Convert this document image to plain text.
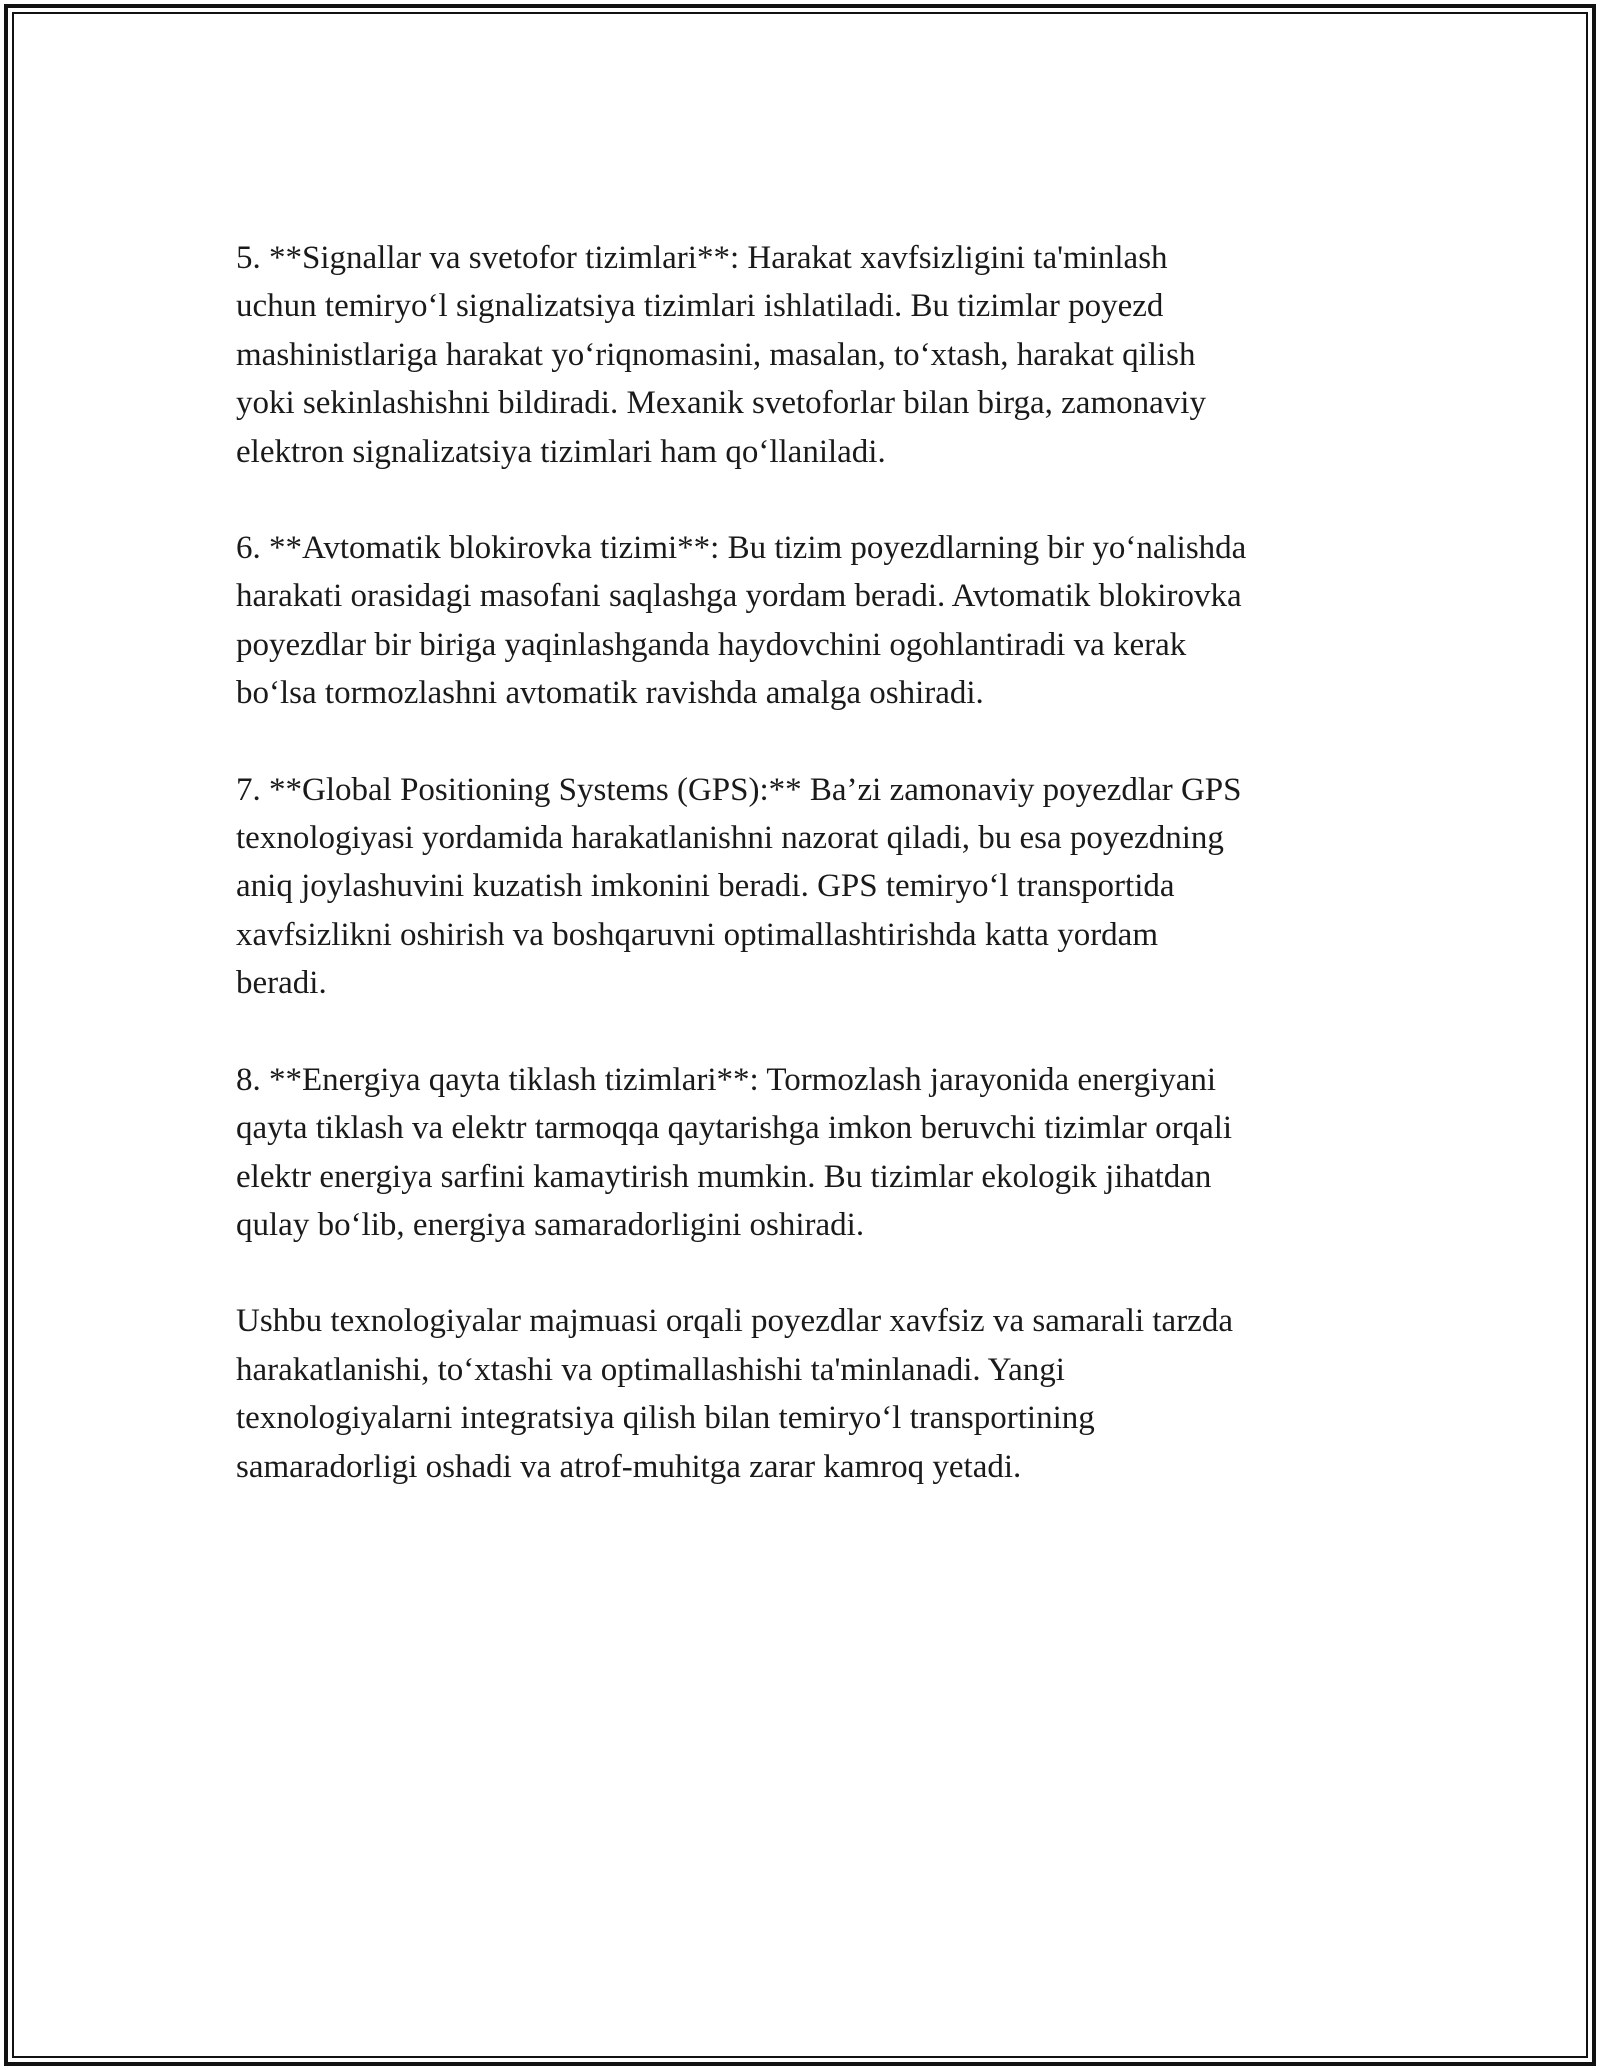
5. **Signallar va svetofor tizimlari**: Harakat xavfsizligini ta'minlash
uchun temiryo‘l signalizatsiya tizimlari ishlatiladi. Bu tizimlar poyezd
mashinistlariga harakat yo‘riqnomasini, masalan, to‘xtash, harakat qilish
yoki sekinlashishni bildiradi. Mexanik svetoforlar bilan birga, zamonaviy
elektron signalizatsiya tizimlari ham qo‘llaniladi.

6. **Avtomatik blokirovka tizimi**: Bu tizim poyezdlarning bir yo‘nalishda
harakati orasidagi masofani saqlashga yordam beradi. Avtomatik blokirovka
poyezdlar bir biriga yaqinlashganda haydovchini ogohlantiradi va kerak
bo‘lsa tormozlashni avtomatik ravishda amalga oshiradi.

7. **Global Positioning Systems (GPS):** Ba’zi zamonaviy poyezdlar GPS
texnologiyasi yordamida harakatlanishni nazorat qiladi, bu esa poyezdning
aniq joylashuvini kuzatish imkonini beradi. GPS temiryo‘l transportida
xavfsizlikni oshirish va boshqaruvni optimallashtirishda katta yordam
beradi.

8. **Energiya qayta tiklash tizimlari**: Tormozlash jarayonida energiyani
qayta tiklash va elektr tarmoqqa qaytarishga imkon beruvchi tizimlar orqali
elektr energiya sarfini kamaytirish mumkin. Bu tizimlar ekologik jihatdan
qulay bo‘lib, energiya samaradorligini oshiradi.

Ushbu texnologiyalar majmuasi orqali poyezdlar xavfsiz va samarali tarzda
harakatlanishi, to‘xtashi va optimallashishi ta'minlanadi. Yangi
texnologiyalarni integratsiya qilish bilan temiryo‘l transportining
samaradorligi oshadi va atrof-muhitga zarar kamroq yetadi.
